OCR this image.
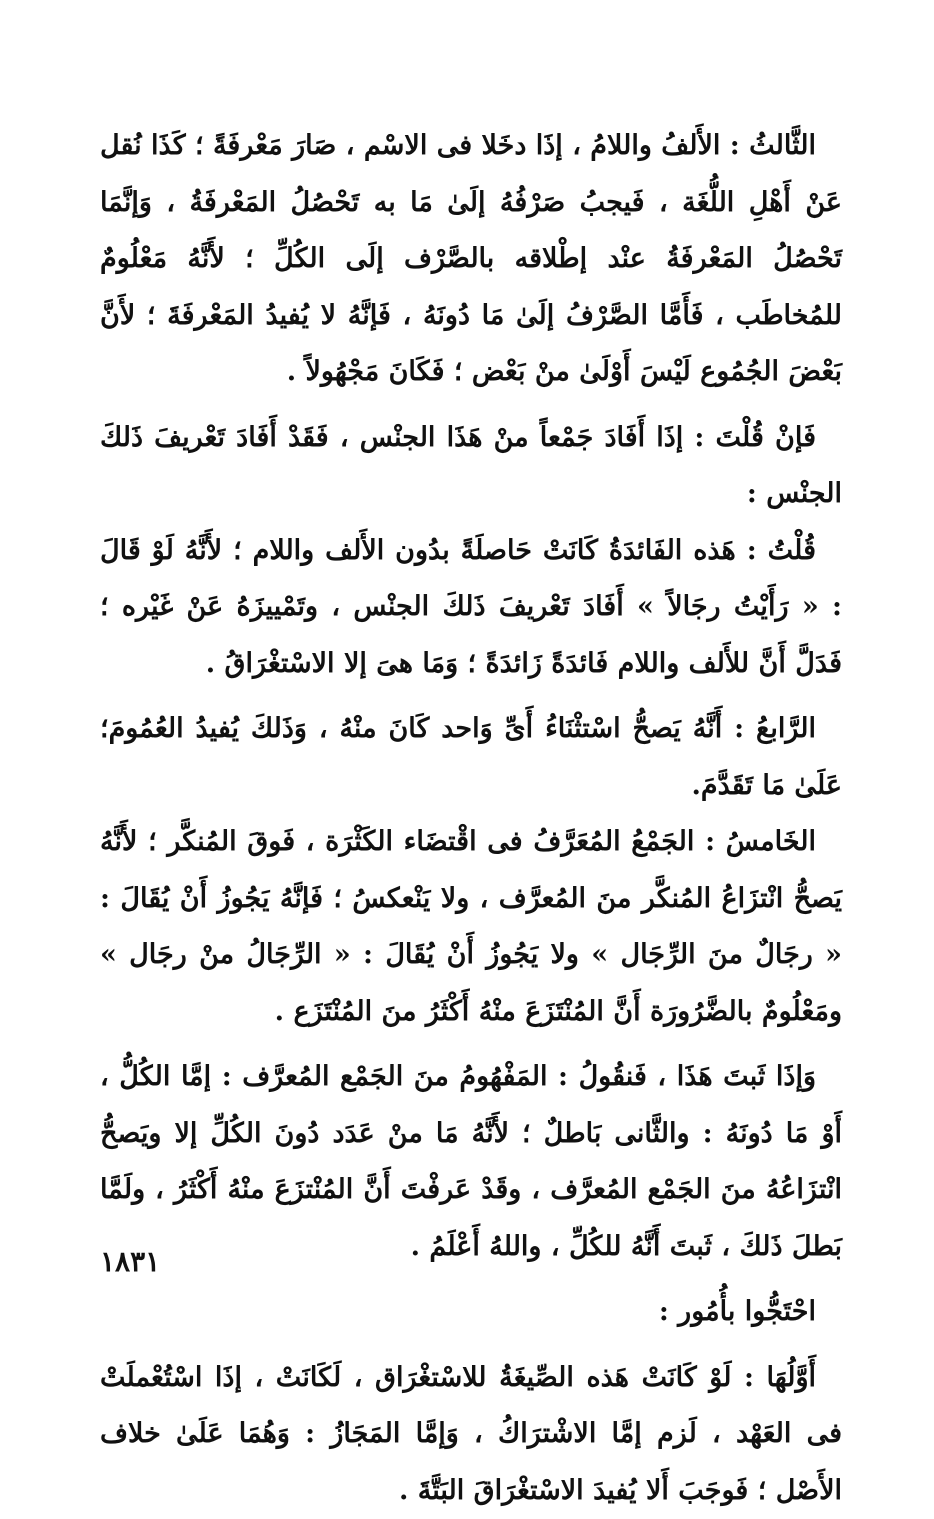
الثَّالثُ : الأَلفُ واللامُ ، إذَا دخَلا فى الاسْم ، صَارَ مَعْرفَةً ؛ كَذَا نُقل عَنْ أَهْلِ اللُّغَة ، فَيجبُ صَرْفُهُ إلَىٰ مَا به تَحْصُلُ المَعْرفَةُ ، وَإنَّمَا تَحْصُلُ المَعْرفَةُ عنْد إطْلاقه بالصَّرْف إلَى الكُلِّ ؛ لأَنَّهُ مَعْلُومٌ للمُخاطَب ، فَأَمَّا الصَّرْفُ إلَىٰ مَا دُونَهُ ، فَإنَّهُ لا يُفيدُ المَعْرفَةَ ؛ لأَنَّ بَعْضَ الجُمُوع لَيْسَ أَوْلَىٰ منْ بَعْض ؛ فَكَانَ مَجْهُولاً .

فَإنْ قُلْتَ : إذَا أَفَادَ جَمْعاً منْ هَذَا الجنْس ، فَقَدْ أَفَادَ تَعْريفَ ذَلكَ الجنْس :

قُلْتُ : هَذه الفَائدَةُ كَانَتْ حَاصلَةً بدُون الأَلف واللام ؛ لأَنَّهُ لَوْ قَالَ : « رَأَيْتُ رجَالاً » أَفَادَ تَعْريفَ ذَلكَ الجنْس ، وتَمْييزَهُ عَنْ غَيْره ؛ فَدَلَّ أَنَّ للأَلف واللام فَائدَةً زَائدَةً ؛ وَمَا هىَ إلا الاسْتغْرَاقُ .

الرَّابعُ : أَنَّهُ يَصحُّ اسْتثْنَاءُ أَىِّ وَاحد كَانَ منْهُ ، وَذَلكَ يُفيدُ العُمُومَ؛ عَلَىٰ مَا تَقَدَّمَ.

الخَامسُ : الجَمْعُ المُعَرَّفُ فى اقْتضَاء الكَثْرَة ، فَوقَ المُنكَّر ؛ لأَنَّهُ يَصحُّ انْتزَاعُ المُنكَّر منَ المُعرَّف ، ولا يَنْعكسُ ؛ فَإنَّهُ يَجُوزُ أَنْ يُقَالَ : « رجَالٌ منَ الرِّجَال » ولا يَجُوزُ أَنْ يُقَالَ : « الرِّجَالُ منْ رجَال » ومَعْلُومٌ بالضَّرُورَة أَنَّ المُنْتَزَعَ منْهُ أَكْثَرُ منَ المُنْتَزَع .

وَإذَا ثَبتَ هَذَا ، فَنقُولُ : المَفْهُومُ منَ الجَمْع المُعرَّف : إمَّا الكُلُّ ، أَوْ مَا دُونَهُ : والثَّانى بَاطلٌ ؛ لأَنَّهُ مَا منْ عَدَد دُونَ الكُلِّ إلا ويَصحُّ انْتزَاعُهُ منَ الجَمْع المُعرَّف ، وقَدْ عَرفْتَ أَنَّ المُنْتزَعَ منْهُ أَكْثَرُ ، ولَمَّا بَطلَ ذَلكَ ، ثَبتَ أَنَّهُ للكُلِّ ، واللهُ أَعْلَمُ .

احْتَجُّوا بأُمُور :

أَوَّلُهَا : لَوْ كَانَتْ هَذه الصِّيغَةُ للاسْتغْرَاق ، لَكَانَتْ ، إذَا اسْتُعْملَتْ فى العَهْد ، لَزم إمَّا الاشْترَاكُ ، وَإمَّا المَجَازُ : وَهُمَا عَلَىٰ خلاف الأَصْل ؛ فَوجَبَ أَلا يُفيدَ الاسْتغْرَاقَ البَتَّةَ .

١٨٣١
